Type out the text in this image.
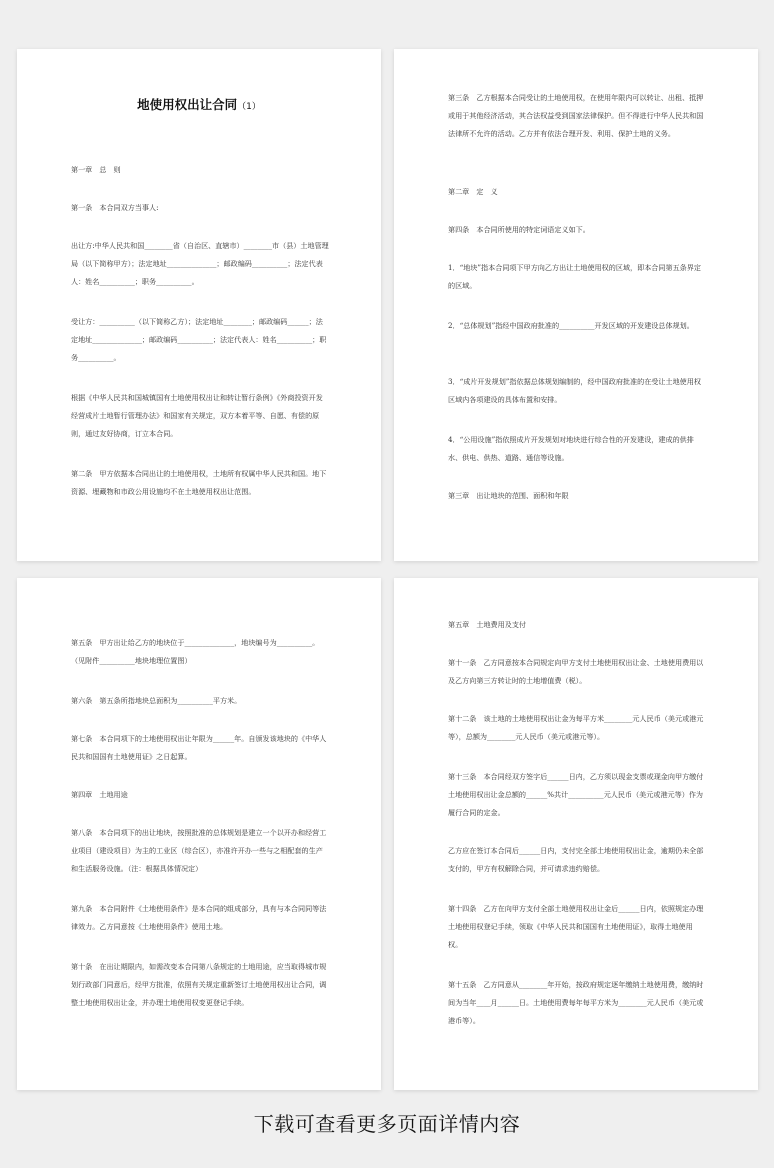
地使用权出让合同（1）
第一章　总　则
第一条　本合同双方当事人:
出让方:中华人民共和国________省（自治区、直辖市）________市（县）土地管理局（以下简称甲方）；法定地址______________；邮政编码__________；法定代表人：姓名__________；职务__________。
受让方：__________（以下简称乙方）；法定地址________；邮政编码______；法定地址______________；邮政编码__________；法定代表人：姓名__________；职务__________。
根据《中华人民共和国城镇国有土地使用权出让和转让暂行条例》《外商投资开发经营成片土地暂行管理办法》和国家有关规定，双方本着平等、自愿、有偿的原则，通过友好协商，订立本合同。
第二条　甲方依据本合同出让的土地使用权，土地所有权属中华人民共和国。地下资源、埋藏物和市政公用设施均不在土地使用权出让范围。
第三条　乙方根据本合同受让的土地使用权，在使用年限内可以转让、出租、抵押或用于其他经济活动，其合法权益受到国家法律保护。但不得进行中华人民共和国法律所不允许的活动。乙方并有依法合理开发、利用、保护土地的义务。
第二章　定　义
第四条　本合同所使用的特定词语定义如下。
1．“地块”指本合同项下甲方向乙方出让土地使用权的区域，即本合同第五条界定的区域。
2．“总体规划”指经中国政府批准的__________开发区域的开发建设总体规划。
3．“成片开发规划”指依据总体规划编制的，经中国政府批准的在受让土地使用权区域内各项建设的具体布置和安排。
4．“公用设施”指依照成片开发规划对地块进行综合性的开发建设，建成的供排水、供电、供热、道路、通信等设施。
第三章　出让地块的范围、面积和年限
第五条　甲方出让给乙方的地块位于______________，地块编号为__________。（见附件__________地块地理位置图）
第六条　第五条所指地块总面积为__________平方米。
第七条　本合同项下的土地使用权出让年限为______年。自颁发该地块的《中华人民共和国国有土地使用证》之日起算。
第四章　土地用途
第八条　本合同项下的出让地块，按照批准的总体规划是建立一个以开办和经营工业项目（建设项目）为主的工业区（综合区），亦准许开办一些与之相配套的生产和生活服务设施。（注：根据具体情况定）
第九条　本合同附件《土地使用条件》是本合同的组成部分，具有与本合同同等法律效力。乙方同意按《土地使用条件》使用土地。
第十条　在出让期限内，如需改变本合同第八条规定的土地用途，应当取得城市规划行政部门同意后，经甲方批准，依照有关规定重新签订土地使用权出让合同，调整土地使用权出让金，并办理土地使用权变更登记手续。
第五章　土地费用及支付
第十一条　乙方同意按本合同规定向甲方支付土地使用权出让金、土地使用费用以及乙方向第三方转让时的土地增值费（税）。
第十二条　该土地的土地使用权出让金为每平方米________元人民币（美元或港元等），总额为________元人民币（美元或港元等）。
第十三条　本合同经双方签字后______日内，乙方须以现金支票或现金向甲方缴付土地使用权出让金总额的______%共计__________元人民币（美元或港元等）作为履行合同的定金。
乙方应在签订本合同后______日内，支付完全部土地使用权出让金，逾期仍未全部支付的，甲方有权解除合同，并可请求违约赔偿。
第十四条　乙方在向甲方支付全部土地使用权出让金后______日内，依照规定办理土地使用权登记手续，领取《中华人民共和国国有土地使用证》，取得土地使用权。
第十五条　乙方同意从________年开始，按政府规定逐年缴纳土地使用费，缴纳时间为当年____月______日。土地使用费每年每平方米为________元人民币（美元或港币等）。
下载可查看更多页面详情内容
